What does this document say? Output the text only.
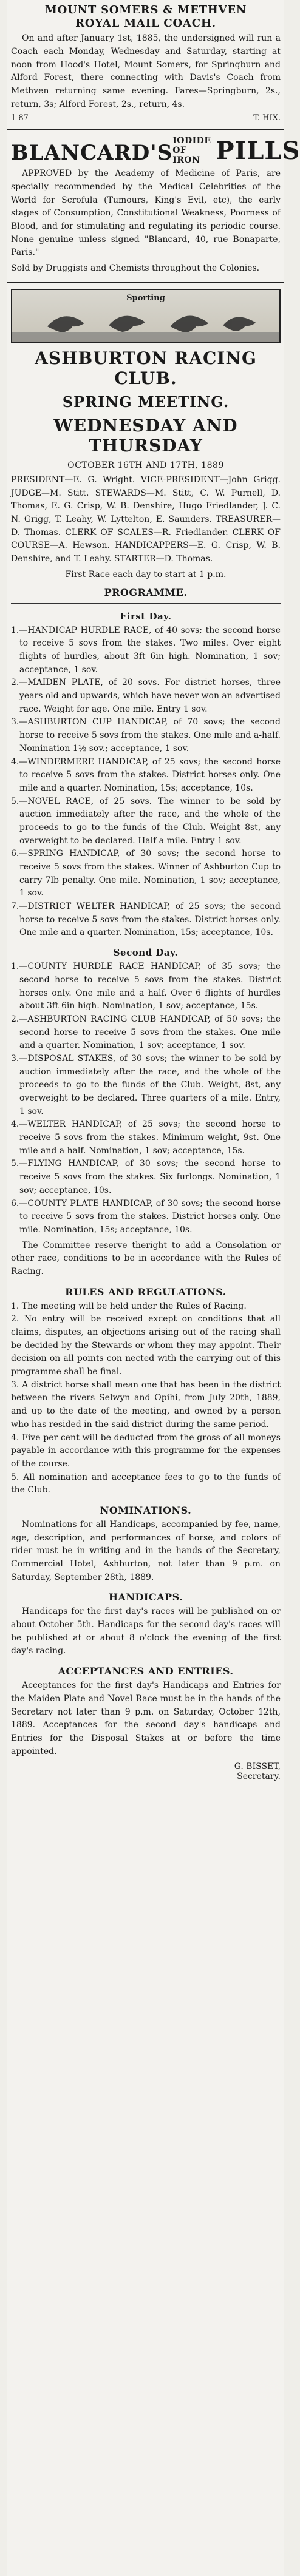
MOUNT SOMERS & METHVEN
ROYAL MAIL COACH.
On and after January 1st, 1885, the undersigned will run a Coach each Monday, Wednesday and Saturday, starting at noon from Hood's Hotel, Mount Somers, for Springburn and Alford Forest, there connecting with Davis's Coach from Methven returning same evening. Fares—Springburn, 2s., return, 3s; Alford Forest, 2s., return, 4s.
1 87	T. HIX.
BLANCARD'S IODIDE OF IRON PILLS
APPROVED by the Academy of Medicine of Paris, are specially recommended by the Medical Celebrities of the World for Scrofula (Tumours, King's Evil, etc), the early stages of Consumption, Constitutional Weakness, Poorness of Blood, and for stimulating and regulating its periodic course. None genuine unless signed "Blancard, 40, rue Bonaparte, Paris."
Sold by Druggists and Chemists throughout the Colonies.
Sporting
ASHBURTON RACING CLUB.
SPRING MEETING.
WEDNESDAY AND THURSDAY
OCTOBER 16TH AND 17TH, 1889
PRESIDENT—E. G. Wright. VICE-PRESIDENT—John Grigg. JUDGE—M. Stitt. STEWARDS—M. Stitt, C. W. Purnell, D. Thomas, E. G. Crisp, W. B. Denshire, Hugo Friedlander, J. C. N. Grigg, T. Leahy, W. Lyttelton, E. Saunders. TREASURER—D. Thomas. CLERK OF SCALES—R. Friedlander. CLERK OF COURSE—A. Hewson. HANDICAPPERS—E. G. Crisp, W. B. Denshire, and T. Leahy. STARTER—D. Thomas.
First Race each day to start at 1 p.m.
PROGRAMME.
First Day.
1.—HANDICAP HURDLE RACE, of 40 sovs; the second horse to receive 5 sovs from the stakes. Two miles. Over eight flights of hurdles, about 3ft 6in high. Nomination, 1 sov; acceptance, 1 sov.
2.—MAIDEN PLATE, of 20 sovs. For district horses, three years old and upwards, which have never won an advertised race. Weight for age. One mile. Entry 1 sov.
3.—ASHBURTON CUP HANDICAP, of 70 sovs; the second horse to receive 5 sovs from the stakes. One mile and a-half. Nomination 1½ sov.; acceptance, 1 sov.
4.—WINDERMERE HANDICAP, of 25 sovs; the second horse to receive 5 sovs from the stakes. District horses only. One mile and a quarter. Nomination, 15s; acceptance, 10s.
5.—NOVEL RACE, of 25 sovs. The winner to be sold by auction immediately after the race, and the whole of the proceeds to go to the funds of the Club. Weight 8st, any overweight to be declared. Half a mile. Entry 1 sov.
6.—SPRING HANDICAP, of 30 sovs; the second horse to receive 5 sovs from the stakes. Winner of Ashburton Cup to carry 7lb penalty. One mile. Nomination, 1 sov; acceptance, 1 sov.
7.—DISTRICT WELTER HANDICAP, of 25 sovs; the second horse to receive 5 sovs from the stakes. District horses only. One mile and a quarter. Nomination, 15s; acceptance, 10s.
Second Day.
1.—COUNTY HURDLE RACE HANDICAP, of 35 sovs; the second horse to receive 5 sovs from the stakes. District horses only. One mile and a half. Over 6 flights of hurdles about 3ft 6in high. Nomination, 1 sov; acceptance, 15s.
2.—ASHBURTON RACING CLUB HANDICAP, of 50 sovs; the second horse to receive 5 sovs from the stakes. One mile and a quarter. Nomination, 1 sov; acceptance, 1 sov.
3.—DISPOSAL STAKES, of 30 sovs; the winner to be sold by auction immediately after the race, and the whole of the proceeds to go to the funds of the Club. Weight, 8st, any overweight to be declared. Three quarters of a mile. Entry, 1 sov.
4.—WELTER HANDICAP, of 25 sovs; the second horse to receive 5 sovs from the stakes. Minimum weight, 9st. One mile and a half. Nomination, 1 sov; acceptance, 15s.
5.—FLYING HANDICAP, of 30 sovs; the second horse to receive 5 sovs from the stakes. Six furlongs. Nomination, 1 sov; acceptance, 10s.
6.—COUNTY PLATE HANDICAP, of 30 sovs; the second horse to receive 5 sovs from the stakes. District horses only. One mile. Nomination, 15s; acceptance, 10s.
The Committee reserve theright to add a Consolation or other race, conditions to be in accordance with the Rules of Racing.
RULES AND REGULATIONS.
1. The meeting will be held under the Rules of Racing.
2. No entry will be received except on conditions that all claims, disputes, an objections arising out of the racing shall be decided by the Stewards or whom they may appoint. Their decision on all points con nected with the carrying out of this programme shall be final.
3. A district horse shall mean one that has been in the district between the rivers Selwyn and Opihi, from July 20th, 1889, and up to the date of the meeting, and owned by a person who has resided in the said district during the same period.
4. Five per cent will be deducted from the gross of all moneys payable in accordance with this programme for the expenses of the course.
5. All nomination and acceptance fees to go to the funds of the Club.
NOMINATIONS.
Nominations for all Handicaps, accompanied by fee, name, age, description, and performances of horse, and colors of rider must be in writing and in the hands of the Secretary, Commercial Hotel, Ashburton, not later than 9 p.m. on Saturday, September 28th, 1889.
HANDICAPS.
Handicaps for the first day's races will be published on or about October 5th. Handicaps for the second day's races will be published at or about 8 o'clock the evening of the first day's racing.
ACCEPTANCES AND ENTRIES.
Acceptances for the first day's Handicaps and Entries for the Maiden Plate and Novel Race must be in the hands of the Secretary not later than 9 p.m. on Saturday, October 12th, 1889. Acceptances for the second day's handicaps and Entries for the Disposal Stakes at or before the time appointed.
G. BISSET,
Secretary.
